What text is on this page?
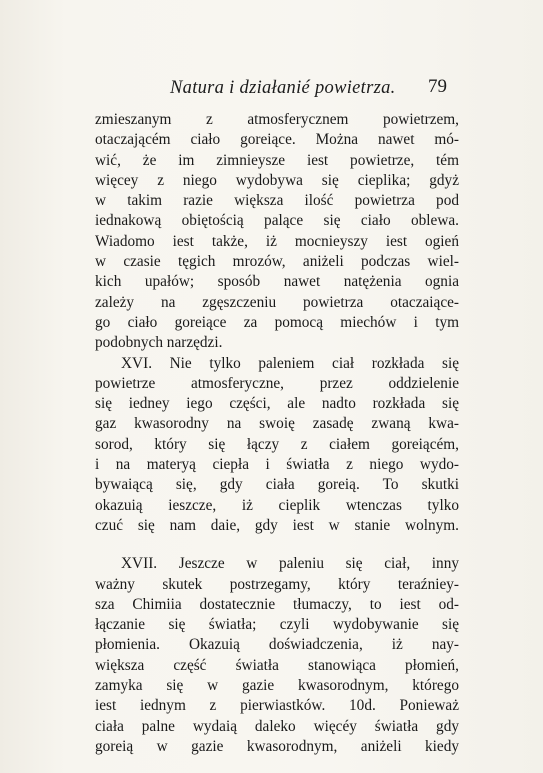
Natura i działanié powietrza. 79
zmieszanym z atmosferycznem powietrzem,
otaczającém ciało goreiące. Można nawet mó-
wić, że im zimnieysze iest powietrze, tém
więcey z niego wydobywa się cieplika; gdyż
w takim razie większa ilość powietrza pod
iednakową obiętością palące się ciało oblewa.
Wiadomo iest także, iż mocnieyszy iest ogień
w czasie tęgich mrozów, aniżeli podczas wiel-
kich upałów; sposób nawet natężenia ognia
zależy na zgęszczeniu powietrza otaczaiące-
go ciało goreiące za pomocą miechów i tym
podobnych narzędzi.
XVI. Nie tylko paleniem ciał rozkłada się
powietrze atmosferyczne, przez oddzielenie
się iedney iego części, ale nadto rozkłada się
gaz kwasorodny na swoię zasadę zwaną kwa-
sorod, który się łączy z ciałem goreiącém,
i na materyą ciepła i światła z niego wydo-
bywaiącą się, gdy ciała goreią. To skutki
okazuią ieszcze, iż cieplik wtenczas tylko
czuć się nam daie, gdy iest w stanie wolnym.
XVII. Jeszcze w paleniu się ciał, inny
ważny skutek postrzegamy, który teraźniey-
sza Chimiia dostatecznie tłumaczy, to iest od-
łączanie się światła; czyli wydobywanie się
płomienia. Okazuią doświadczenia, iż nay-
większa część światła stanowiąca płomień,
zamyka się w gazie kwasorodnym, którego
iest iednym z pierwiastków. 10d. Ponieważ
ciała palne wydaią daleko więcéy światła gdy
goreią w gazie kwasorodnym, aniżeli kiedy
